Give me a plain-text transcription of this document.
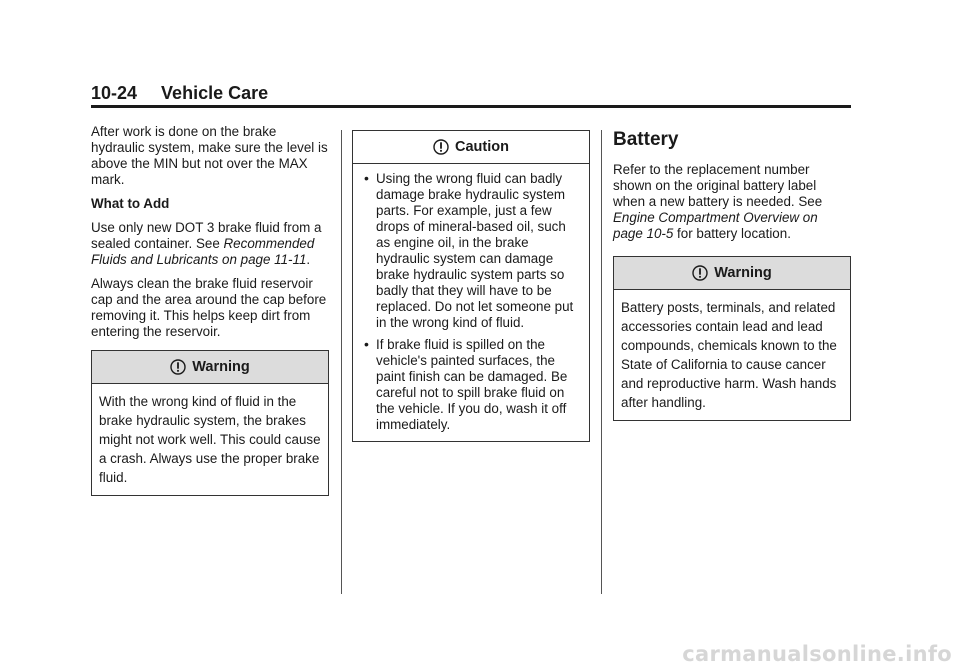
10-24 Vehicle Care

After work is done on the brake hydraulic system, make sure the level is above the MIN but not over the MAX mark.

What to Add

Use only new DOT 3 brake fluid from a sealed container. See Recommended Fluids and Lubricants on page 11-11.

Always clean the brake fluid reservoir cap and the area around the cap before removing it. This helps keep dirt from entering the reservoir.

Warning
With the wrong kind of fluid in the brake hydraulic system, the brakes might not work well. This could cause a crash. Always use the proper brake fluid.
Caution
• Using the wrong fluid can badly damage brake hydraulic system parts. For example, just a few drops of mineral-based oil, such as engine oil, in the brake hydraulic system can damage brake hydraulic system parts so badly that they will have to be replaced. Do not let someone put in the wrong kind of fluid.
• If brake fluid is spilled on the vehicle's painted surfaces, the paint finish can be damaged. Be careful not to spill brake fluid on the vehicle. If you do, wash it off immediately.
Battery

Refer to the replacement number shown on the original battery label when a new battery is needed. See Engine Compartment Overview on page 10-5 for battery location.

Warning
Battery posts, terminals, and related accessories contain lead and lead compounds, chemicals known to the State of California to cause cancer and reproductive harm. Wash hands after handling.
carmanualsonline.info
